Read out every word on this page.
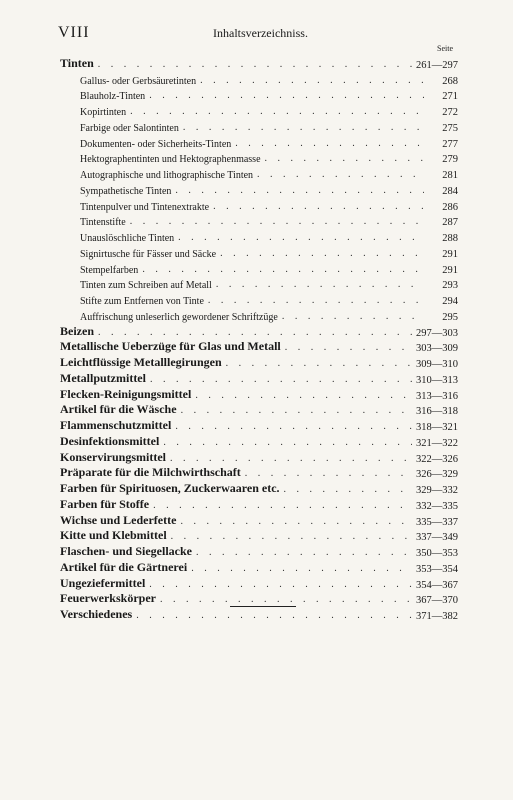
VIII	Inhaltsverzeichniss.
Seite
Tinten . . .	261—297
Gallus- oder Gerbsäuretinten . . .	268
Blauholz-Tinten . . .	271
Kopirtinten . . .	272
Farbige oder Salontinten . . .	275
Dokumenten- oder Sicherheits-Tinten . . .	277
Hektographentinten und Hektographenmasse . . .	279
Autographische und lithographische Tinten . . .	281
Sympathetische Tinten . . .	284
Tintenpulver und Tintenextrakte . . .	286
Tintenstifte . . .	287
Unauslöschliche Tinten . . .	288
Signirtusche für Fässer und Säcke . . .	291
Stempelfarben . . .	291
Tinten zum Schreiben auf Metall . . .	293
Stifte zum Entfernen von Tinte . . .	294
Auffrischung unleserlich gewordener Schriftzüge . . .	295
Beizen . . .	297—303
Metallische Ueberzüge für Glas und Metall . . .	303—309
Leichtflüssige Metalllegirungen . . .	309—310
Metallputzmittel . . .	310—313
Flecken-Reinigungsmittel . . .	313—316
Artikel für die Wäsche . . .	316—318
Flammenschutzmittel . . .	318—321
Desinfektionsmittel . . .	321—322
Konservirungsmittel . . .	322—326
Präparate für die Milchwirthschaft . . .	326—329
Farben für Spirituosen, Zuckerwaaren etc. . . .	329—332
Farben für Stoffe . . .	332—335
Wichse und Lederfette . . .	335—337
Kitte und Klebmittel . . .	337—349
Flaschen- und Siegellacke . . .	350—353
Artikel für die Gärtnerei . . .	353—354
Ungeziefermittel . . .	354—367
Feuerwerkskörper . . .	367—370
Verschiedenes . . .	371—382
